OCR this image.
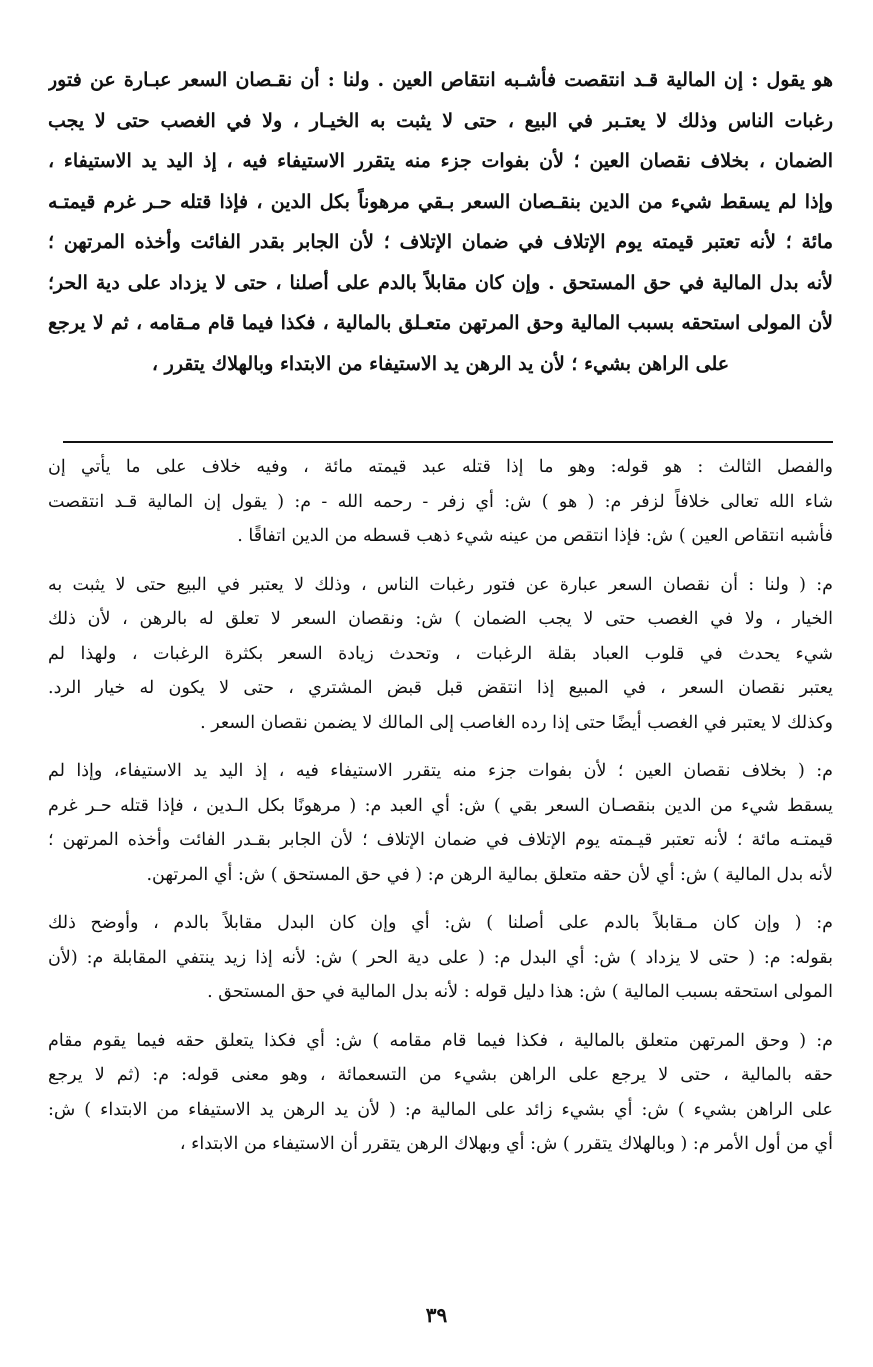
هو يقول : إن المالية قـد انتقصت فأشـبه انتقاص العين . ولنا : أن نقـصان السعر عبـارة عن فتور
رغبات الناس وذلك لا يعتـبر في البيع ، حتى لا يثبت به الخيـار ، ولا في الغصب حتى لا يجب
الضمان ، بخلاف نقصان العين ؛ لأن بفوات جزء منه يتقرر الاستيفاء فيه ، إذ اليد يد الاستيفاء ،
وإذا لم يسقط شيء من الدين بنقـصان السعر بـقي مرهوناً بكل الدين ، فإذا قتله حـر غرم قيمتـه
مائة ؛ لأنه تعتبر قيمته يوم الإتلاف في ضمان الإتلاف ؛ لأن الجابر بقدر الفائت وأخذه المرتهن ؛
لأنه بدل المالية في حق المستحق . وإن كان مقابلاً بالدم على أصلنا ، حتى لا يزداد على دية الحر؛
لأن المولى استحقه بسبب المالية وحق المرتهن متعـلق بالمالية ، فكذا فيما قام مـقامه ، ثم لا يرجع
على الراهن بشيء ؛ لأن يد الرهن يد الاستيفاء من الابتداء وبالهلاك يتقرر ،
والفصل الثالث : هو قوله: وهو ما إذا قتله عبد قيمته مائة ، وفيه خلاف على ما يأتي إن
شاء الله تعالى خلافاً لزفر م: ( هو ) ش: أي زفر - رحمه الله - م: ( يقول إن المالية قـد انتقصت
فأشبه انتقاص العين ) ش: فإذا انتقص من عينه شيء ذهب قسطه من الدين اتفاقًا .
م: ( ولنا : أن نقصان السعر عبارة عن فتور رغبات الناس ، وذلك لا يعتبر في البيع حتى لا يثبت به
الخيار ، ولا في الغصب حتى لا يجب الضمان ) ش: ونقصان السعر لا تعلق له بالرهن ، لأن ذلك
شيء يحدث في قلوب العباد بقلة الرغبات ، وتحدث زيادة السعر بكثرة الرغبات ، ولهذا لم
يعتبر نقصان السعر ، في المبيع إذا انتقض قبل قبض المشتري ، حتى لا يكون له خيار الرد.
وكذلك لا يعتبر في الغصب أيضًا حتى إذا رده الغاصب إلى المالك لا يضمن نقصان السعر .
م: ( بخلاف نقصان العين ؛ لأن بفوات جزء منه يتقرر الاستيفاء فيه ، إذ اليد يد الاستيفاء، وإذا لم
يسقط شيء من الدين بنقصـان السعر بقي ) ش: أي العبد م: ( مرهونًا بكل الـدين ، فإذا قتله حـر غرم
قيمتـه مائة ؛ لأنه تعتبر قيـمته يوم الإتلاف في ضمان الإتلاف ؛ لأن الجابر بقـدر الفائت وأخذه المرتهن ؛
لأنه بدل المالية ) ش: أي لأن حقه متعلق بمالية الرهن م: ( في حق المستحق ) ش: أي المرتهن.
م: ( وإن كان مـقابلاً بالدم على أصلنا ) ش: أي وإن كان البدل مقابلاً بالدم ، وأوضح ذلك
بقوله: م: ( حتى لا يزداد ) ش: أي البدل م: ( على دية الحر ) ش: لأنه إذا زيد ينتفي المقابلة م: (لأن
المولى استحقه بسبب المالية ) ش: هذا دليل قوله : لأنه بدل المالية في حق المستحق .
م: ( وحق المرتهن متعلق بالمالية ، فكذا فيما قام مقامه ) ش: أي فكذا يتعلق حقه فيما يقوم مقام
حقه بالمالية ، حتى لا يرجع على الراهن بشيء من التسعمائة ، وهو معنى قوله: م: (ثم لا يرجع
على الراهن بشيء ) ش: أي بشيء زائد على المالية م: ( لأن يد الرهن يد الاستيفاء من الابتداء ) ش:
أي من أول الأمر م: ( وبالهلاك يتقرر ) ش: أي وبهلاك الرهن يتقرر أن الاستيفاء من الابتداء ،
٣٩
